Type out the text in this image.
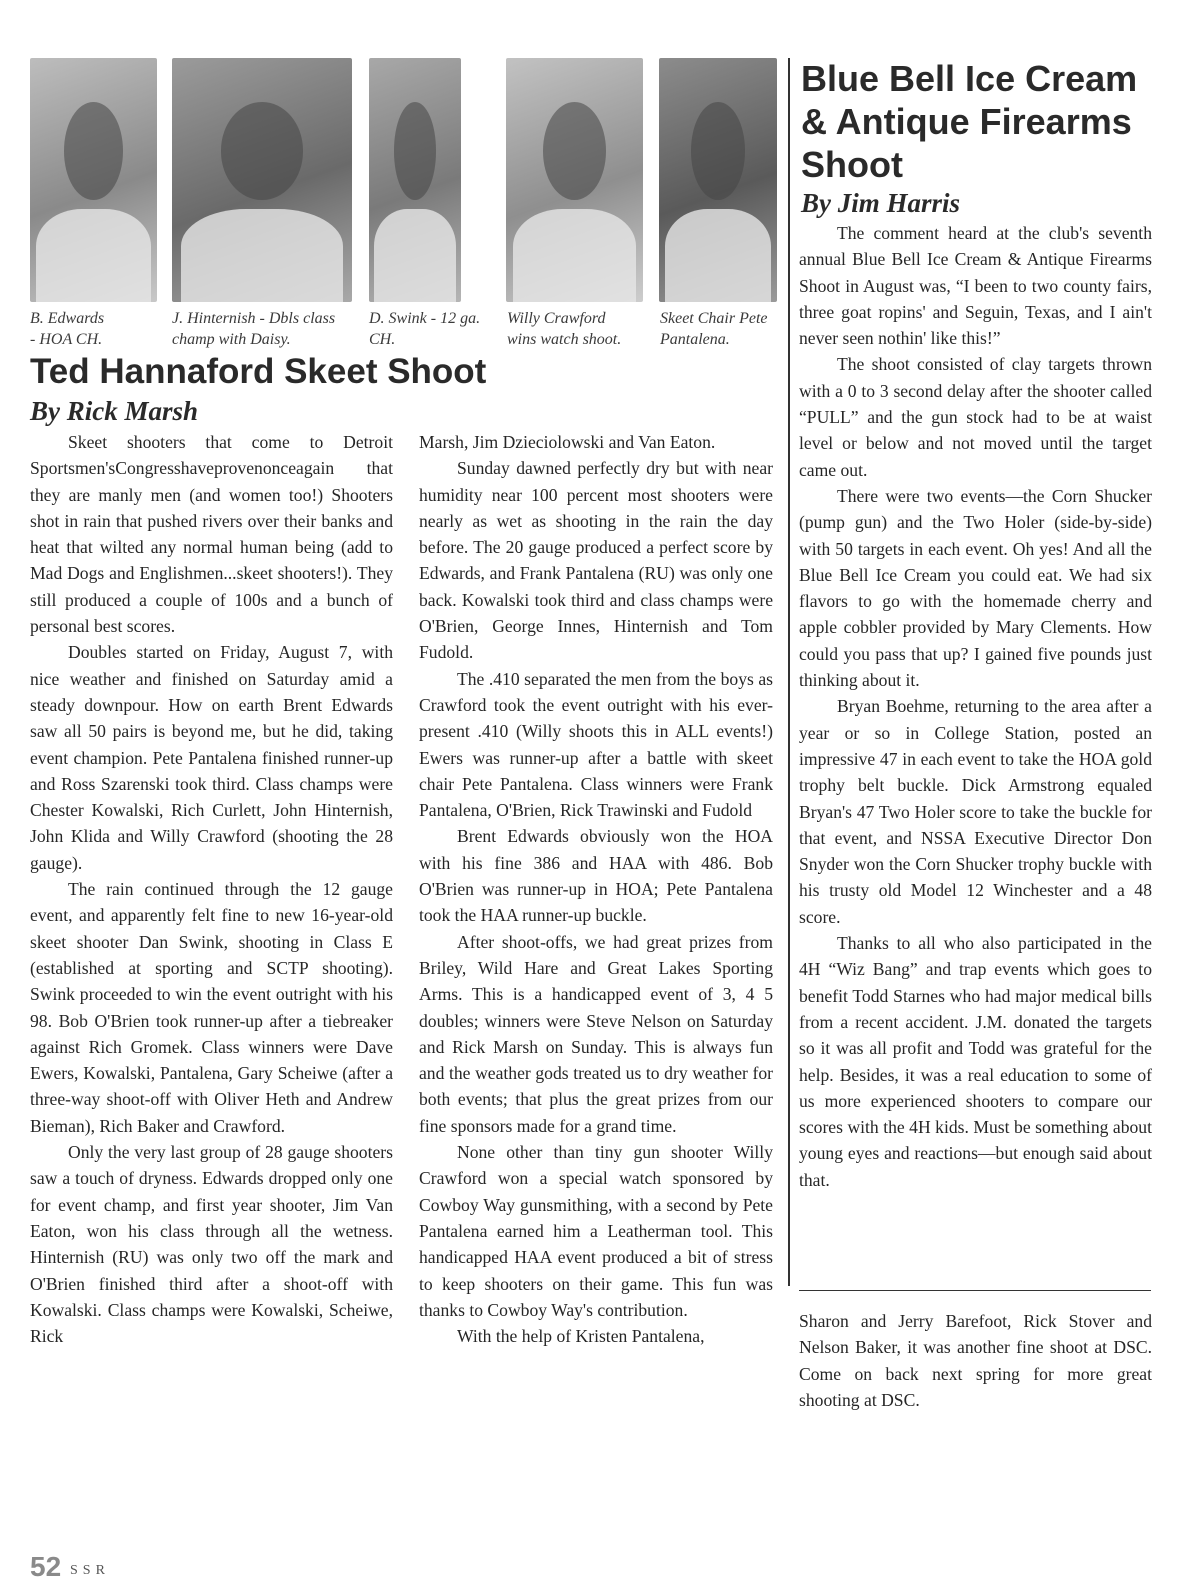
B. Edwards
- HOA CH.
J. Hinternish - Dbls class
champ with Daisy.
D. Swink - 12 ga.
CH.
Willy Crawford
wins watch shoot.
Skeet Chair Pete
Pantalena.
Ted Hannaford Skeet Shoot
By Rick Marsh

Skeet shooters that come to Detroit Sportsmen'sCongresshaveprovenonceagain that they are manly men (and women too!) Shooters shot in rain that pushed rivers over their banks and heat that wilted any normal human being (add to Mad Dogs and Englishmen...skeet shooters!). They still produced a couple of 100s and a bunch of personal best scores.

Doubles started on Friday, August 7, with nice weather and finished on Saturday amid a steady downpour. How on earth Brent Edwards saw all 50 pairs is beyond me, but he did, taking event champion. Pete Pantalena finished runner-up and Ross Szarenski took third. Class champs were Chester Kowalski, Rich Curlett, John Hinternish, John Klida and Willy Crawford (shooting the 28 gauge).

The rain continued through the 12 gauge event, and apparently felt fine to new 16-year-old skeet shooter Dan Swink, shooting in Class E (established at sporting and SCTP shooting). Swink proceeded to win the event outright with his 98. Bob O'Brien took runner-up after a tiebreaker against Rich Gromek. Class winners were Dave Ewers, Kowalski, Pantalena, Gary Scheiwe (after a three-way shoot-off with Oliver Heth and Andrew Bieman), Rich Baker and Crawford.

Only the very last group of 28 gauge shooters saw a touch of dryness. Edwards dropped only one for event champ, and first year shooter, Jim Van Eaton, won his class through all the wetness. Hinternish (RU) was only two off the mark and O'Brien finished third after a shoot-off with Kowalski. Class champs were Kowalski, Scheiwe, Rick

Marsh, Jim Dzieciolowski and Van Eaton.

Sunday dawned perfectly dry but with near humidity near 100 percent most shooters were nearly as wet as shooting in the rain the day before. The 20 gauge produced a perfect score by Edwards, and Frank Pantalena (RU) was only one back. Kowalski took third and class champs were O'Brien, George Innes, Hinternish and Tom Fudold.

The .410 separated the men from the boys as Crawford took the event outright with his ever-present .410 (Willy shoots this in ALL events!) Ewers was runner-up after a battle with skeet chair Pete Pantalena. Class winners were Frank Pantalena, O'Brien, Rick Trawinski and Fudold

Brent Edwards obviously won the HOA with his fine 386 and HAA with 486. Bob O'Brien was runner-up in HOA; Pete Pantalena took the HAA runner-up buckle.

After shoot-offs, we had great prizes from Briley, Wild Hare and Great Lakes Sporting Arms. This is a handicapped event of 3, 4 5 doubles; winners were Steve Nelson on Saturday and Rick Marsh on Sunday. This is always fun and the weather gods treated us to dry weather for both events; that plus the great prizes from our fine sponsors made for a grand time.

None other than tiny gun shooter Willy Crawford won a special watch sponsored by Cowboy Way gunsmithing, with a second by Pete Pantalena earned him a Leatherman tool. This handicapped HAA event produced a bit of stress to keep shooters on their game. This fun was thanks to Cowboy Way's contribution.

With the help of Kristen Pantalena,

Blue Bell Ice Cream & Antique Firearms Shoot
By Jim Harris

The comment heard at the club's seventh annual Blue Bell Ice Cream & Antique Firearms Shoot in August was, “I been to two county fairs, three goat ropins' and Seguin, Texas, and I ain't never seen nothin' like this!”

The shoot consisted of clay targets thrown with a 0 to 3 second delay after the shooter called “PULL” and the gun stock had to be at waist level or below and not moved until the target came out.

There were two events—the Corn Shucker (pump gun) and the Two Holer (side-by-side) with 50 targets in each event. Oh yes! And all the Blue Bell Ice Cream you could eat. We had six flavors to go with the homemade cherry and apple cobbler provided by Mary Clements. How could you pass that up? I gained five pounds just thinking about it.

Bryan Boehme, returning to the area after a year or so in College Station, posted an impressive 47 in each event to take the HOA gold trophy belt buckle. Dick Armstrong equaled Bryan's 47 Two Holer score to take the buckle for that event, and NSSA Executive Director Don Snyder won the Corn Shucker trophy buckle with his trusty old Model 12 Winchester and a 48 score.

Thanks to all who also participated in the 4H “Wiz Bang” and trap events which goes to benefit Todd Starnes who had major medical bills from a recent accident. J.M. donated the targets so it was all profit and Todd was grateful for the help. Besides, it was a real education to some of us more experienced shooters to compare our scores with the 4H kids. Must be something about young eyes and reactions—but enough said about that.

Sharon and Jerry Barefoot, Rick Stover and Nelson Baker, it was another fine shoot at DSC. Come on back next spring for more great shooting at DSC.

52 SSR
